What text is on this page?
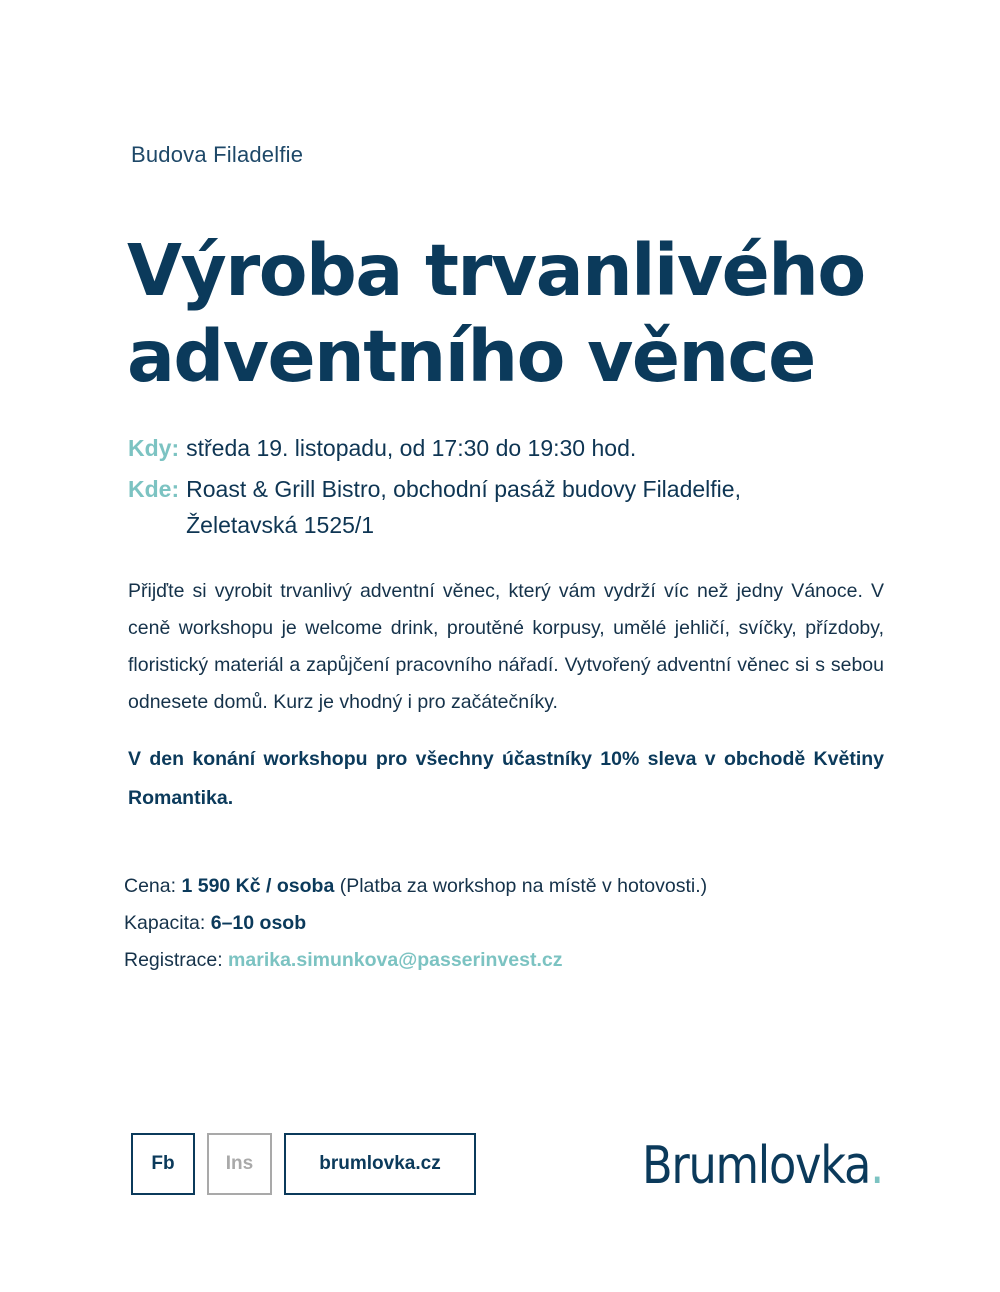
Budova Filadelfie
Výroba trvanlivého
adventního věnce
Kdy: středa 19. listopadu, od 17:30 do 19:30 hod.
Kde: Roast & Grill Bistro, obchodní pasáž budovy Filadelfie,
Želetavská 1525/1

Přijďte si vyrobit trvanlivý adventní věnec, který vám vydrží víc než jedny Vánoce. V ceně workshopu je welcome drink, proutěné korpusy, umělé jehličí, svíčky, přízdoby, floristický materiál a zapůjčení pracovního nářadí. Vytvořený adventní věnec si s sebou odnesete domů. Kurz je vhodný i pro začátečníky.

V den konání workshopu pro všechny účastníky 10% sleva v obchodě Květiny Romantika.

Cena: 1 590 Kč / osoba (Platba za workshop na místě v hotovosti.)
Kapacita: 6–10 osob
Registrace: marika.simunkova@passerinvest.cz
Fb	Ins	brumlovka.cz	Brumlovka.
